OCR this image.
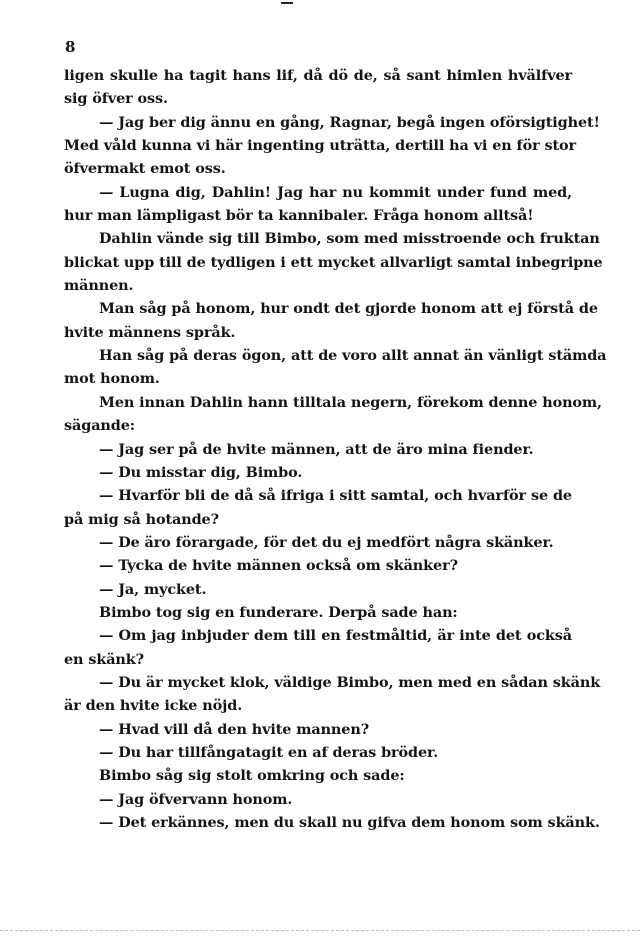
8
ligen skulle ha tagit hans lif, då dö de, så sant himlen hvälfver
sig öfver oss.
— Jag ber dig ännu en gång, Ragnar, begå ingen oförsigtighet!
Med våld kunna vi här ingenting uträtta, dertill ha vi en för stor
öfvermakt emot oss.
— Lugna dig, Dahlin! Jag har nu kommit under fund med,
hur man lämpligast bör ta kannibaler. Fråga honom alltså!
Dahlin vände sig till Bimbo, som med misstroende och fruktan
blickat upp till de tydligen i ett mycket allvarligt samtal inbegripne
männen.
Man såg på honom, hur ondt det gjorde honom att ej förstå de
hvite männens språk.
Han såg på deras ögon, att de voro allt annat än vänligt stämda
mot honom.
Men innan Dahlin hann tilltala negern, förekom denne honom,
sägande:
— Jag ser på de hvite männen, att de äro mina fiender.
— Du misstar dig, Bimbo.
— Hvarför bli de då så ifriga i sitt samtal, och hvarför se de
på mig så hotande?
— De äro förargade, för det du ej medfört några skänker.
— Tycka de hvite männen också om skänker?
— Ja, mycket.
Bimbo tog sig en funderare. Derpå sade han:
— Om jag inbjuder dem till en festmåltid, är inte det också
en skänk?
— Du är mycket klok, väldige Bimbo, men med en sådan skänk
är den hvite icke nöjd.
— Hvad vill då den hvite mannen?
— Du har tillfångatagit en af deras bröder.
Bimbo såg sig stolt omkring och sade:
— Jag öfvervann honom.
— Det erkännes, men du skall nu gifva dem honom som skänk.
